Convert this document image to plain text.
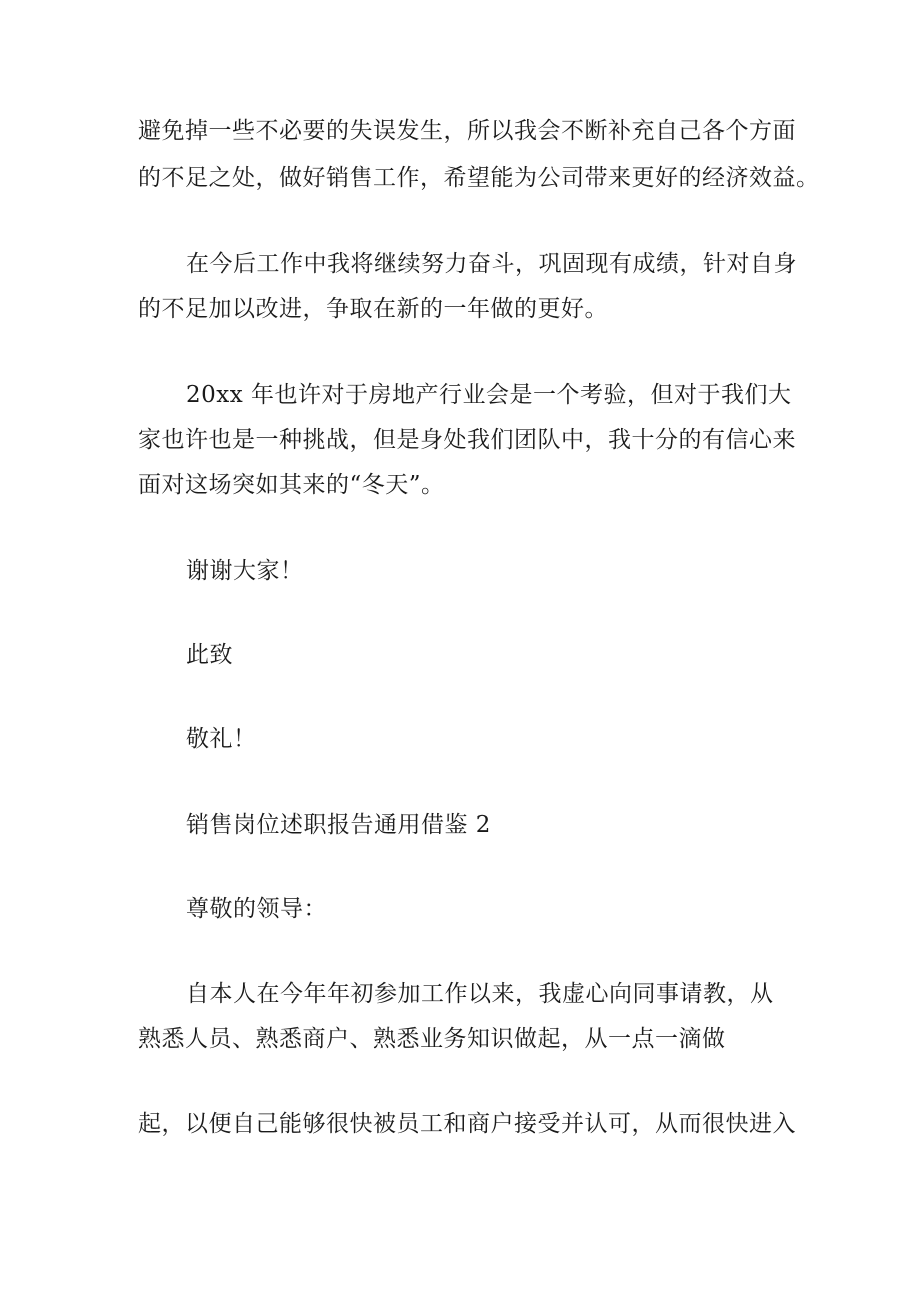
避免掉一些不必要的失误发生，所以我会不断补充自己各个方面
的不足之处，做好销售工作，希望能为公司带来更好的经济效益。
在今后工作中我将继续努力奋斗，巩固现有成绩，针对自身
的不足加以改进，争取在新的一年做的更好。
20xx 年也许对于房地产行业会是一个考验，但对于我们大
家也许也是一种挑战，但是身处我们团队中，我十分的有信心来
面对这场突如其来的“冬天”。
谢谢大家！
此致
敬礼！
销售岗位述职报告通用借鉴 2
尊敬的领导：
自本人在今年年初参加工作以来，我虚心向同事请教，从
熟悉人员、熟悉商户、熟悉业务知识做起，从一点一滴做
起，以便自己能够很快被员工和商户接受并认可，从而很快进入
